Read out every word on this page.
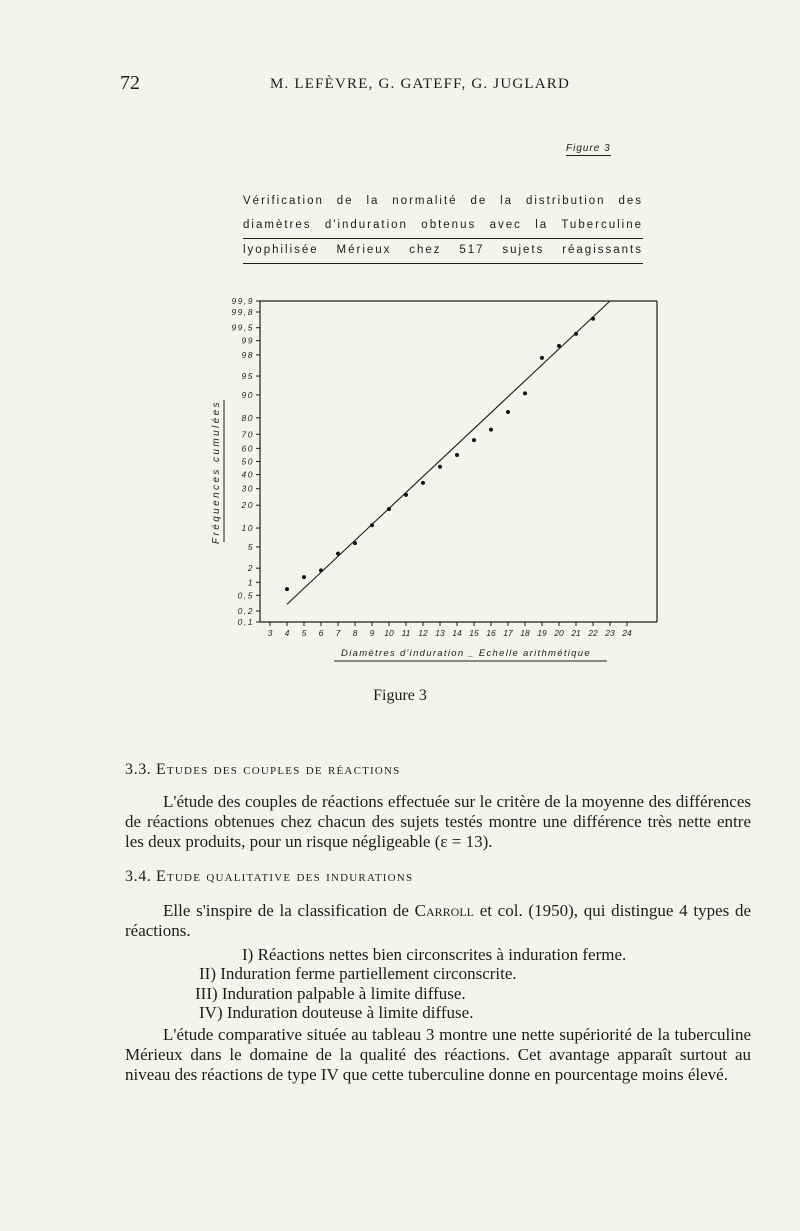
72	M. LEFÈVRE, G. GATEFF, G. JUGLARD
Figure 3
Vérification de la normalité de la distribution des
diamètres d'induration obtenus avec la Tuberculine
lyophilisée Mérieux chez 517 sujets réagissants
0,1
0,2
0,5
1
2
5
10
20
30
40
50
60
70
80
90
95
98
99
99,5
99,8
99,9
3 4 5 6 7 8 9 10 11 12 13 14 15 16 17 18 19 20 21 22 23 24
Fréquences cumulées
Diamètres d'induration _ Echelle arithmétique
Figure 3
3.3. Etudes des couples de réactions
L'étude des couples de réactions effectuée sur le critère de la moyenne des différences de réactions obtenues chez chacun des sujets testés montre une différence très nette entre les deux produits, pour un risque négligeable (ε = 13).
3.4. Etude qualitative des indurations
Elle s'inspire de la classification de Carroll et col. (1950), qui distingue 4 types de réactions.
I) Réactions nettes bien circonscrites à induration ferme.
II) Induration ferme partiellement circonscrite.
III) Induration palpable à limite diffuse.
IV) Induration douteuse à limite diffuse.
L'étude comparative située au tableau 3 montre une nette supériorité de la tuberculine Mérieux dans le domaine de la qualité des réactions. Cet avantage apparaît surtout au niveau des réactions de type IV que cette tuberculine donne en pourcentage moins élevé.
